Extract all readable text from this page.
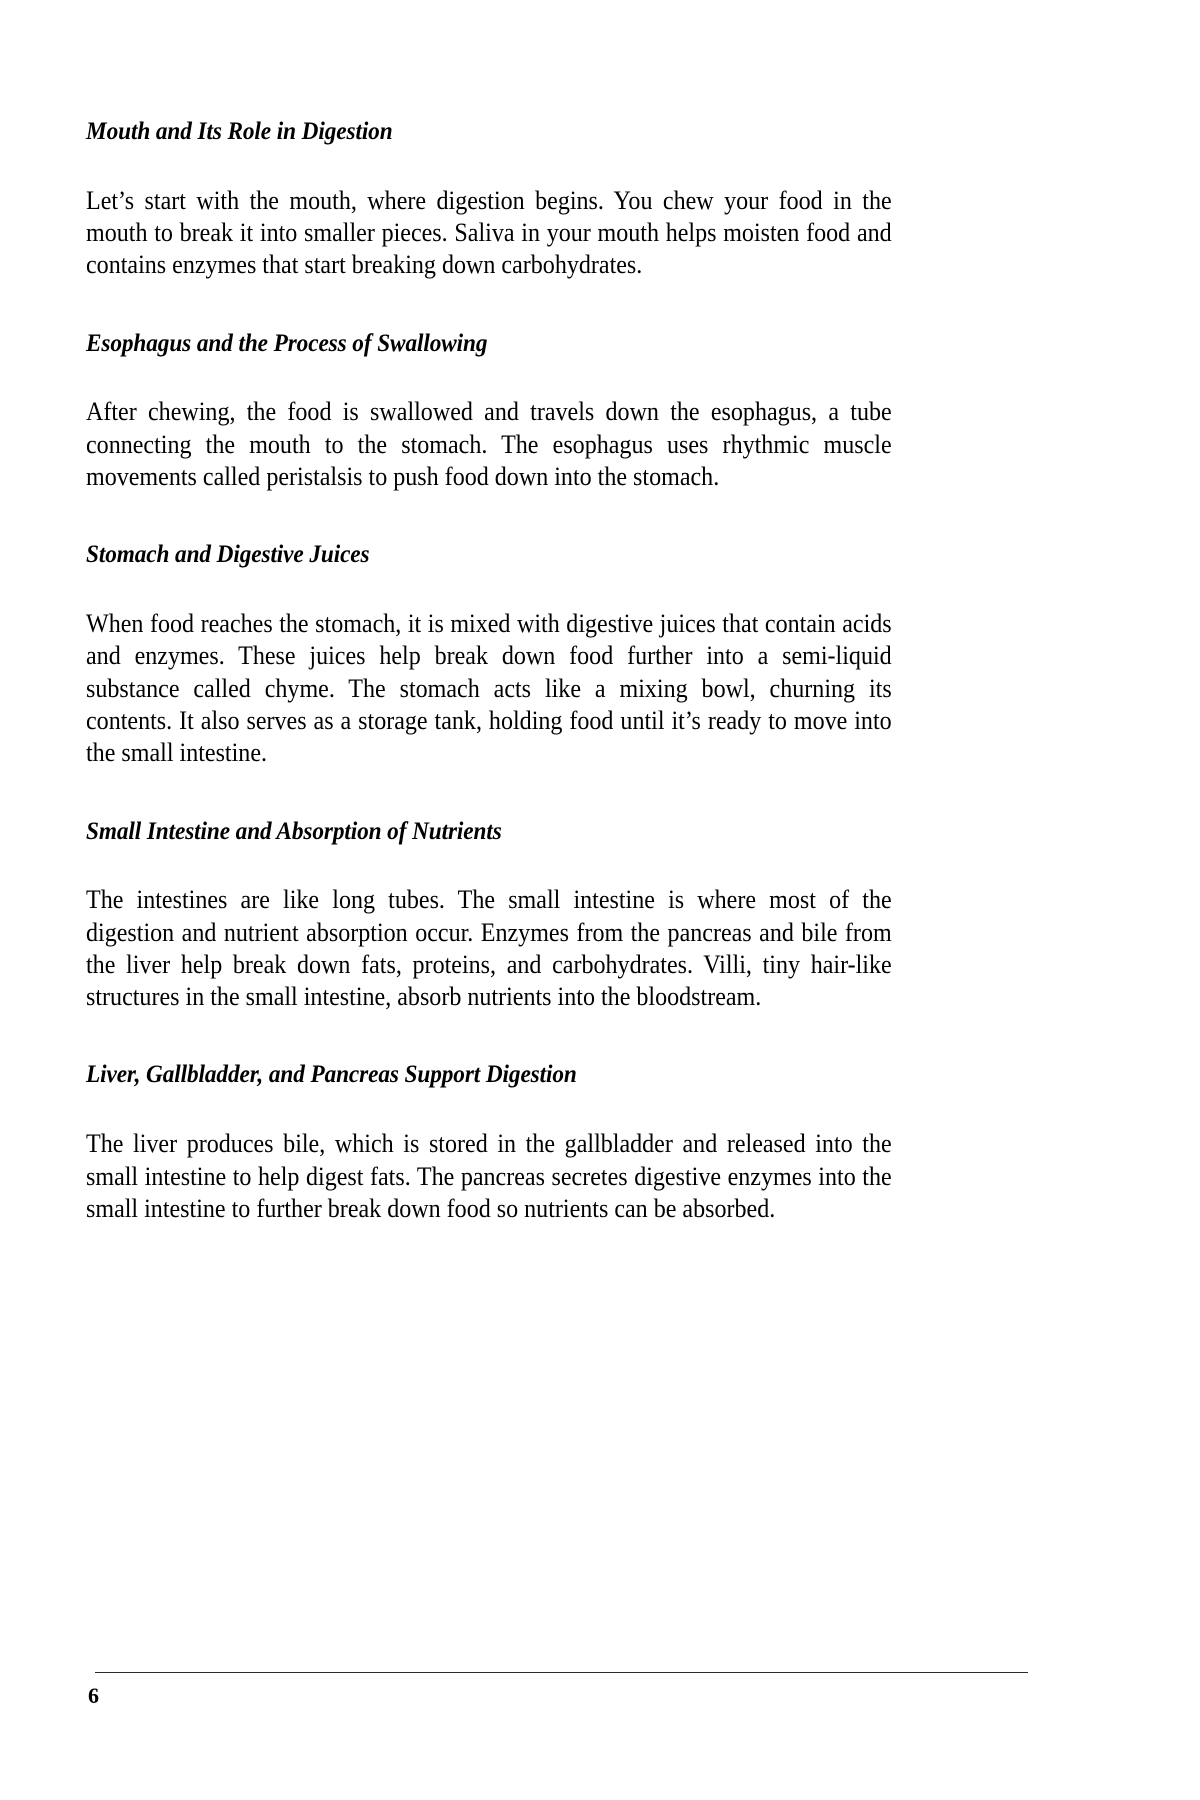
Mouth and Its Role in Digestion

Let’s start with the mouth, where digestion begins. You chew your food in the mouth to break it into smaller pieces. Saliva in your mouth helps moisten food and contains enzymes that start breaking down carbohydrates.

Esophagus and the Process of Swallowing

After chewing, the food is swallowed and travels down the esophagus, a tube connecting the mouth to the stomach. The esophagus uses rhythmic muscle movements called peristalsis to push food down into the stomach.

Stomach and Digestive Juices

When food reaches the stomach, it is mixed with digestive juices that contain acids and enzymes. These juices help break down food further into a semi-liquid substance called chyme. The stomach acts like a mixing bowl, churning its contents. It also serves as a storage tank, holding food until it’s ready to move into the small intestine.

Small Intestine and Absorption of Nutrients

The intestines are like long tubes. The small intestine is where most of the digestion and nutrient absorption occur. Enzymes from the pancreas and bile from the liver help break down fats, proteins, and carbohydrates. Villi, tiny hair-like structures in the small intestine, absorb nutrients into the bloodstream.

Liver, Gallbladder, and Pancreas Support Digestion

The liver produces bile, which is stored in the gallbladder and released into the small intestine to help digest fats. The pancreas secretes digestive enzymes into the small intestine to further break down food so nutrients can be absorbed.

6
